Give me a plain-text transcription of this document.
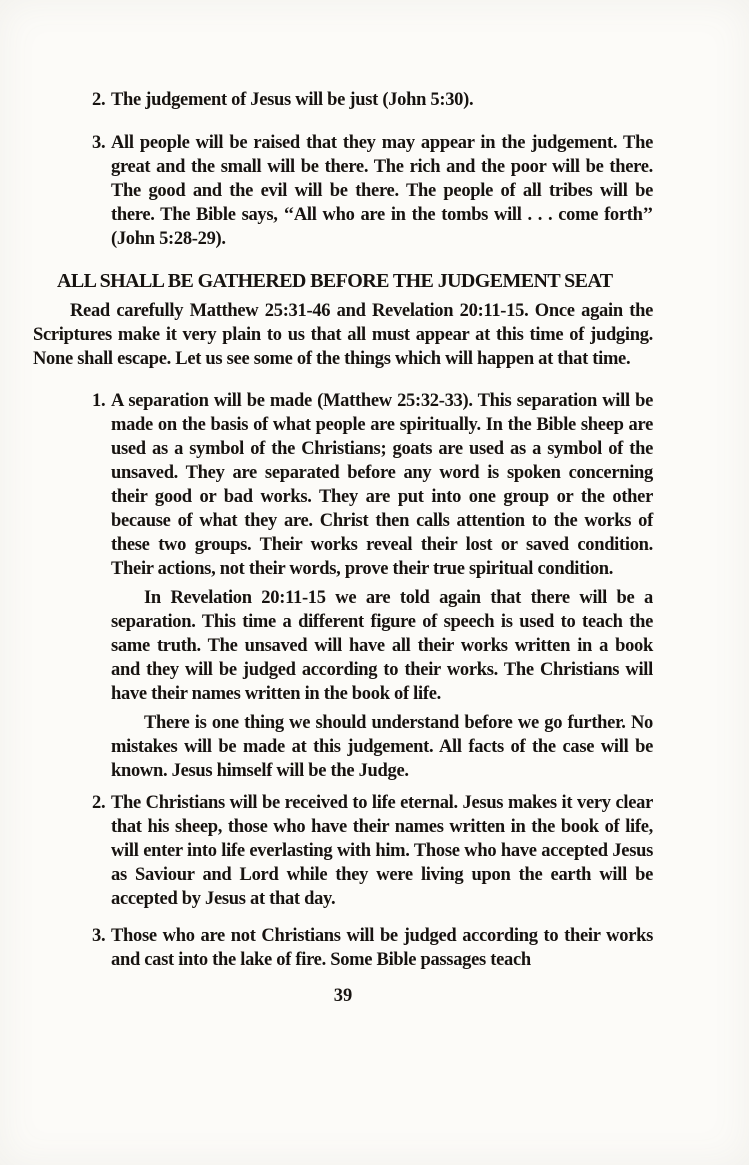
2. The judgement of Jesus will be just (John 5:30).

3. All people will be raised that they may appear in the judgement. The great and the small will be there. The rich and the poor will be there. The good and the evil will be there. The people of all tribes will be there. The Bible says, ‘‘All who are in the tombs will . . . come forth’’ (John 5:28-29).

ALL SHALL BE GATHERED BEFORE THE JUDGEMENT SEAT

Read carefully Matthew 25:31-46 and Revelation 20:11-15. Once again the Scriptures make it very plain to us that all must appear at this time of judging. None shall escape. Let us see some of the things which will happen at that time.

1. A separation will be made (Matthew 25:32-33). This separation will be made on the basis of what people are spiritually. In the Bible sheep are used as a symbol of the Christians; goats are used as a symbol of the unsaved. They are separated before any word is spoken concerning their good or bad works. They are put into one group or the other because of what they are. Christ then calls attention to the works of these two groups. Their works reveal their lost or saved condition. Their actions, not their words, prove their true spiritual condition.

In Revelation 20:11-15 we are told again that there will be a separation. This time a different figure of speech is used to teach the same truth. The unsaved will have all their works written in a book and they will be judged according to their works. The Christians will have their names written in the book of life.

There is one thing we should understand before we go further. No mistakes will be made at this judgement. All facts of the case will be known. Jesus himself will be the Judge.

2. The Christians will be received to life eternal. Jesus makes it very clear that his sheep, those who have their names written in the book of life, will enter into life everlasting with him. Those who have accepted Jesus as Saviour and Lord while they were living upon the earth will be accepted by Jesus at that day.

3. Those who are not Christians will be judged according to their works and cast into the lake of fire. Some Bible passages teach

39
